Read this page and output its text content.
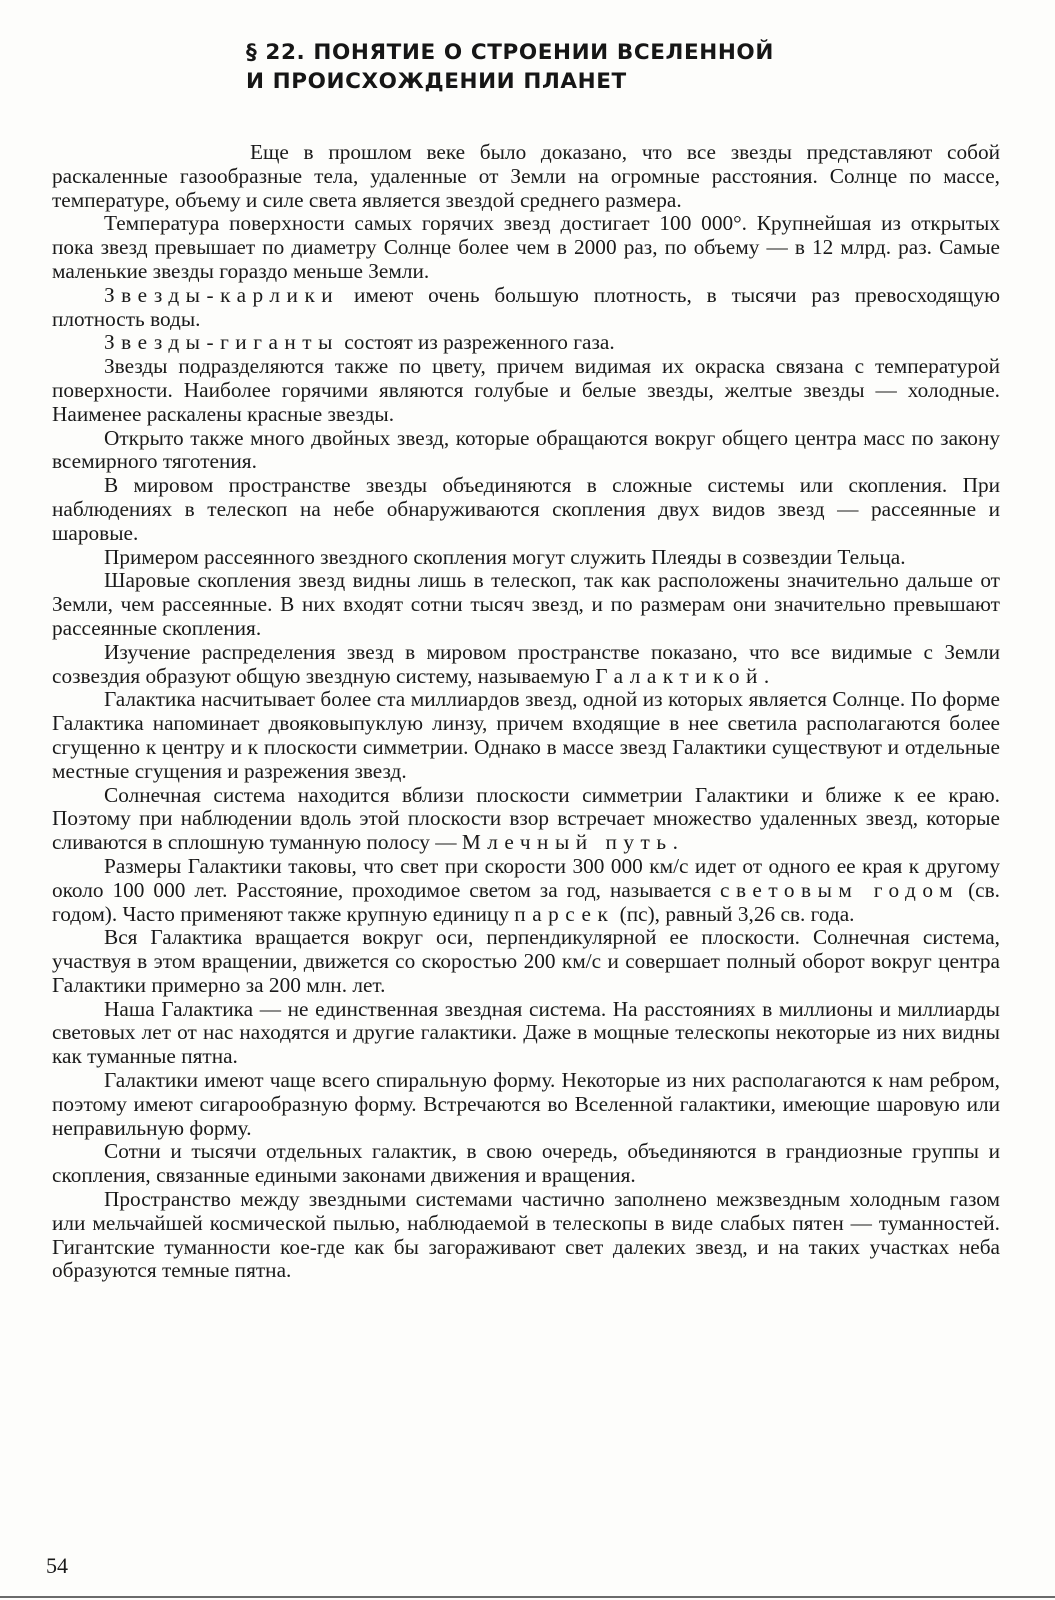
§ 22. ПОНЯТИЕ О СТРОЕНИИ ВСЕЛЕННОЙ
И ПРОИСХОЖДЕНИИ ПЛАНЕТ

Еще в прошлом веке было доказано, что все звезды представляют собой раскаленные газообразные тела, удаленные от Земли на огромные расстояния. Солнце по массе, температуре, объему и силе света является звездой среднего размера.

Температура поверхности самых горячих звезд достигает 100 000°. Крупнейшая из открытых пока звезд превышает по диаметру Солнце более чем в 2000 раз, по объему — в 12 млрд. раз. Самые маленькие звезды гораздо меньше Земли.

Звезды-карлики имеют очень большую плотность, в тысячи раз превосходящую плотность воды.

Звезды-гиганты состоят из разреженного газа.

Звезды подразделяются также по цвету, причем видимая их окраска связана с температурой поверхности. Наиболее горячими являются голубые и белые звезды, желтые звезды — холодные. Наименее раскалены красные звезды.

Открыто также много двойных звезд, которые обращаются вокруг общего центра масс по закону всемирного тяготения.

В мировом пространстве звезды объединяются в сложные системы или скопления. При наблюдениях в телескоп на небе обнаруживаются скопления двух видов звезд — рассеянные и шаровые.

Примером рассеянного звездного скопления могут служить Плеяды в созвездии Тельца.

Шаровые скопления звезд видны лишь в телескоп, так как расположены значительно дальше от Земли, чем рассеянные. В них входят сотни тысяч звезд, и по размерам они значительно превышают рассеянные скопления.

Изучение распределения звезд в мировом пространстве показано, что все видимые с Земли созвездия образуют общую звездную систему, называемую Галактикой.

Галактика насчитывает более ста миллиардов звезд, одной из которых является Солнце. По форме Галактика напоминает двояковыпуклую линзу, причем входящие в нее светила располагаются более сгущенно к центру и к плоскости симметрии. Однако в массе звезд Галактики существуют и отдельные местные сгущения и разрежения звезд.

Солнечная система находится вблизи плоскости симметрии Галактики и ближе к ее краю. Поэтому при наблюдении вдоль этой плоскости взор встречает множество удаленных звезд, которые сливаются в сплошную туманную полосу — Млечный путь.

Размеры Галактики таковы, что свет при скорости 300 000 км/с идет от одного ее края к другому около 100 000 лет. Расстояние, проходимое светом за год, называется световым годом (св. годом). Часто применяют также крупную единицу парсек (пс), равный 3,26 св. года.

Вся Галактика вращается вокруг оси, перпендикулярной ее плоскости. Солнечная система, участвуя в этом вращении, движется со скоростью 200 км/с и совершает полный оборот вокруг центра Галактики примерно за 200 млн. лет.

Наша Галактика — не единственная звездная система. На расстояниях в миллионы и миллиарды световых лет от нас находятся и другие галактики. Даже в мощные телескопы некоторые из них видны как туманные пятна.

Галактики имеют чаще всего спиральную форму. Некоторые из них располагаются к нам ребром, поэтому имеют сигарообразную форму. Встречаются во Вселенной галактики, имеющие шаровую или неправильную форму.

Сотни и тысячи отдельных галактик, в свою очередь, объединяются в грандиозные группы и скопления, связанные едиными законами движения и вращения.

Пространство между звездными системами частично заполнено межзвездным холодным газом или мельчайшей космической пылью, наблюдаемой в телескопы в виде слабых пятен — туманностей. Гигантские туманности кое-где как бы загораживают свет далеких звезд, и на таких участках неба образуются темные пятна.

54
